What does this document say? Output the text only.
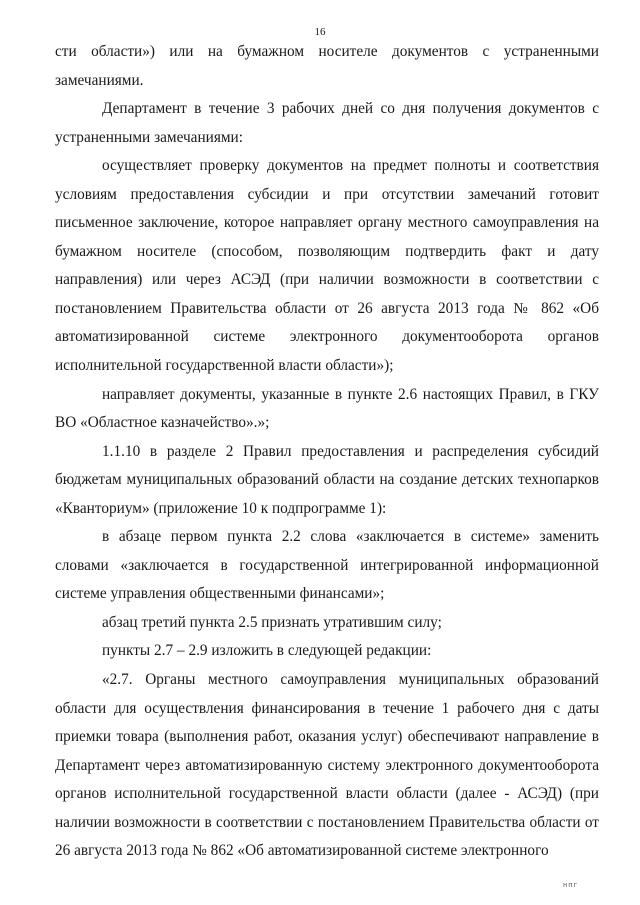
16

сти области») или на бумажном носителе документов с устраненными замечаниями.

Департамент в течение 3 рабочих дней со дня получения документов с устраненными замечаниями:

осуществляет проверку документов на предмет полноты и соответствия условиям предоставления субсидии и при отсутствии замечаний готовит письменное заключение, которое направляет органу местного самоуправления на бумажном носителе (способом, позволяющим подтвердить факт и дату направления) или через АСЭД (при наличии возможности в соответствии с постановлением Правительства области от 26 августа 2013 года № 862 «Об автоматизированной системе электронного документооборота органов исполнительной государственной власти области»);

направляет документы, указанные в пункте 2.6 настоящих Правил, в ГКУ ВО «Областное казначейство».»;

1.1.10 в разделе 2 Правил предоставления и распределения субсидий бюджетам муниципальных образований области на создание детских технопарков «Кванториум» (приложение 10 к подпрограмме 1):

в абзаце первом пункта 2.2 слова «заключается в системе» заменить словами «заключается в государственной интегрированной информационной системе управления общественными финансами»;

абзац третий пункта 2.5 признать утратившим силу;

пункты 2.7 – 2.9 изложить в следующей редакции:

«2.7. Органы местного самоуправления муниципальных образований области для осуществления финансирования в течение 1 рабочего дня с даты приемки товара (выполнения работ, оказания услуг) обеспечивают направление в Департамент через автоматизированную систему электронного документооборота органов исполнительной государственной власти области (далее - АСЭД) (при наличии возможности в соответствии с постановлением Правительства области от 26 августа 2013 года № 862 «Об автоматизированной системе электронного

нпг
